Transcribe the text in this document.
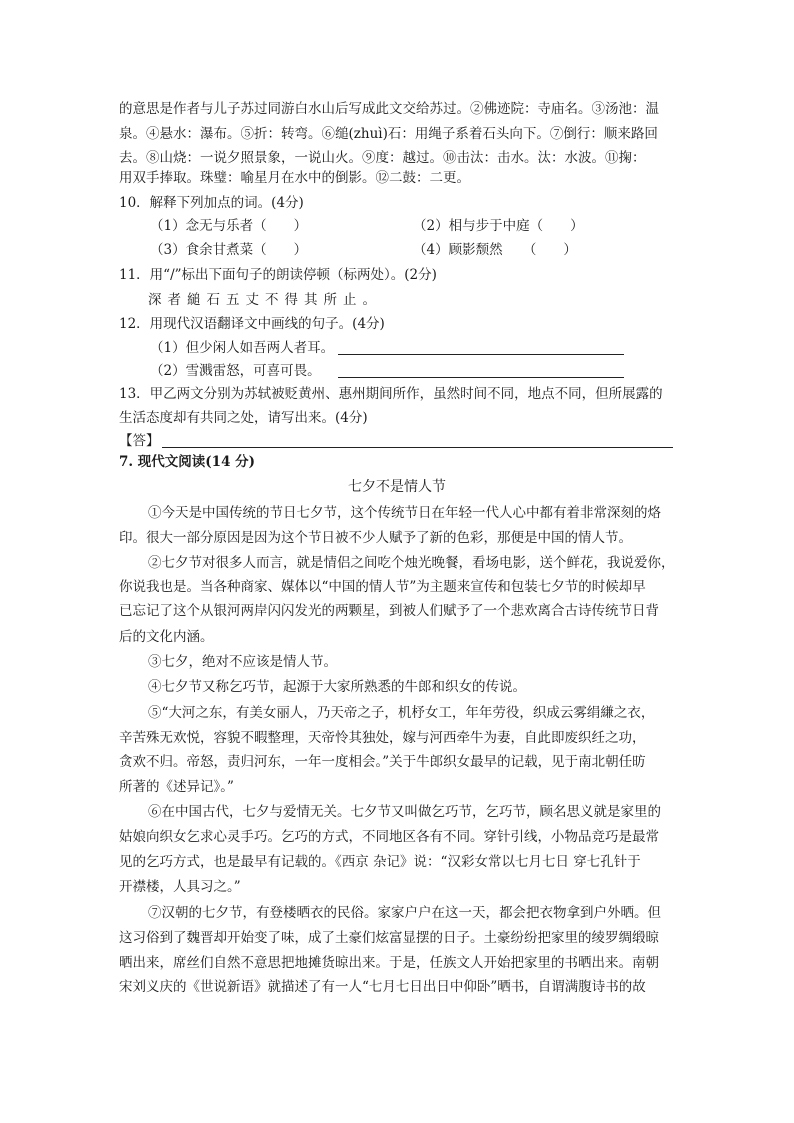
的意思是作者与儿子苏过同游白水山后写成此文交给苏过。②佛迹院：寺庙名。③汤池：温
泉。④悬水：瀑布。⑤折：转弯。⑥缒(zhuì)石：用绳子系着石头向下。⑦倒行：顺来路回
去。⑧山烧：一说夕照景象，一说山火。⑨度：越过。⑩击汰：击水。汰：水波。⑪掬：
用双手捧取。珠璧：喻星月在水中的倒影。⑫二鼓：二更。
10．解释下列加点的词。(4分)
（1）念无与乐者（　　）	（2）相与步于中庭（　　）
（3）食余甘煮菜（　　）	（4）顾影颓然　　（　　）
11．用“/”标出下面句子的朗读停顿（标两处）。(2分)
深者縋石五丈不得其所止。
12．用现代汉语翻译文中画线的句子。(4分)
（1）但少闲人如吾两人者耳。
（2）雪溅雷怒，可喜可畏。
13．甲乙两文分别为苏轼被贬黄州、惠州期间所作，虽然时间不同，地点不同，但所展露的
生活态度却有共同之处，请写出来。(4分)
【答】
7. 现代文阅读(14 分)
七夕不是情人节
①今天是中国传统的节日七夕节，这个传统节日在年轻一代人心中都有着非常深刻的烙
印。很大一部分原因是因为这个节日被不少人赋予了新的色彩，那便是中国的情人节。
②七夕节对很多人而言，就是情侣之间吃个烛光晚餐，看场电影，送个鲜花，我说爱你，
你说我也是。当各种商家、媒体以“中国的情人节”为主题来宣传和包装七夕节的时候却早
已忘记了这个从银河两岸闪闪发光的两颗星，到被人们赋予了一个悲欢离合古诗传统节日背
后的文化内涵。
③七夕，绝对不应该是情人节。
④七夕节又称乞巧节，起源于大家所熟悉的牛郎和织女的传说。
⑤“大河之东，有美女丽人，乃天帝之子，机杼女工，年年劳役，织成云雾绢縑之衣，
辛苦殊无欢悦，容貌不暇整理，天帝怜其独处，嫁与河西牵牛为妻，自此即废织纴之功，
贪欢不归。帝怒，责归河东，一年一度相会。”关于牛郎织女最早的记载，见于南北朝任昉
所著的《述异记》。”
⑥在中国古代，七夕与爱情无关。七夕节又叫做乞巧节，乞巧节，顾名思义就是家里的
姑娘向织女乞求心灵手巧。乞巧的方式，不同地区各有不同。穿针引线，小物品竞巧是最常
见的乞巧方式，也是最早有记载的。《西京 杂记》说：“汉彩女常以七月七日 穿七孔针于
开襟楼，人具习之。”
⑦汉朝的七夕节，有登楼晒衣的民俗。家家户户在这一天，都会把衣物拿到户外晒。但
这习俗到了魏晋却开始变了味，成了土豪们炫富显摆的日子。土豪纷纷把家里的绫罗绸缎晾
晒出来，席丝们自然不意思把地摊货晾出来。于是，任族文人开始把家里的书晒出来。南朝
宋刘义庆的《世说新语》就描述了有一人“七月七日出日中仰卧”晒书，自谓满腹诗书的故
